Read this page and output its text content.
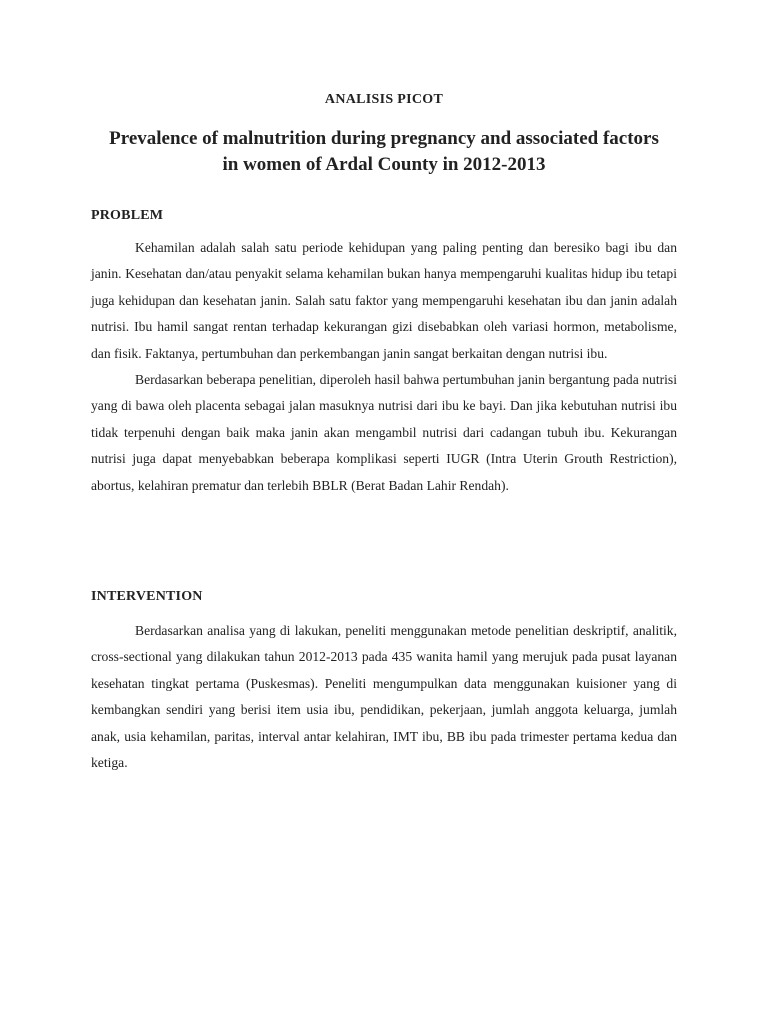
ANALISIS PICOT
Prevalence of malnutrition during pregnancy and associated factors
in women of Ardal County in 2012-2013
PROBLEM

Kehamilan adalah salah satu periode kehidupan yang paling penting dan beresiko bagi ibu dan janin. Kesehatan dan/atau penyakit selama kehamilan bukan hanya mempengaruhi kualitas hidup ibu tetapi juga kehidupan dan kesehatan janin. Salah satu faktor yang mempengaruhi kesehatan ibu dan janin adalah nutrisi. Ibu hamil sangat rentan terhadap kekurangan gizi disebabkan oleh variasi hormon, metabolisme, dan fisik. Faktanya, pertumbuhan dan perkembangan janin sangat berkaitan dengan nutrisi ibu.

Berdasarkan beberapa penelitian, diperoleh hasil bahwa pertumbuhan janin bergantung pada nutrisi yang di bawa oleh placenta sebagai jalan masuknya nutrisi dari ibu ke bayi. Dan jika kebutuhan nutrisi ibu tidak terpenuhi dengan baik maka janin akan mengambil nutrisi dari cadangan tubuh ibu. Kekurangan nutrisi juga dapat menyebabkan beberapa komplikasi seperti IUGR (Intra Uterin Grouth Restriction), abortus, kelahiran prematur dan terlebih BBLR (Berat Badan Lahir Rendah).

INTERVENTION

Berdasarkan analisa yang di lakukan, peneliti menggunakan metode penelitian deskriptif, analitik, cross-sectional yang dilakukan tahun 2012-2013 pada 435 wanita hamil yang merujuk pada pusat layanan kesehatan tingkat pertama (Puskesmas). Peneliti mengumpulkan data menggunakan kuisioner yang di kembangkan sendiri yang berisi item usia ibu, pendidikan, pekerjaan, jumlah anggota keluarga, jumlah anak, usia kehamilan, paritas, interval antar kelahiran, IMT ibu, BB ibu pada trimester pertama kedua dan ketiga.
